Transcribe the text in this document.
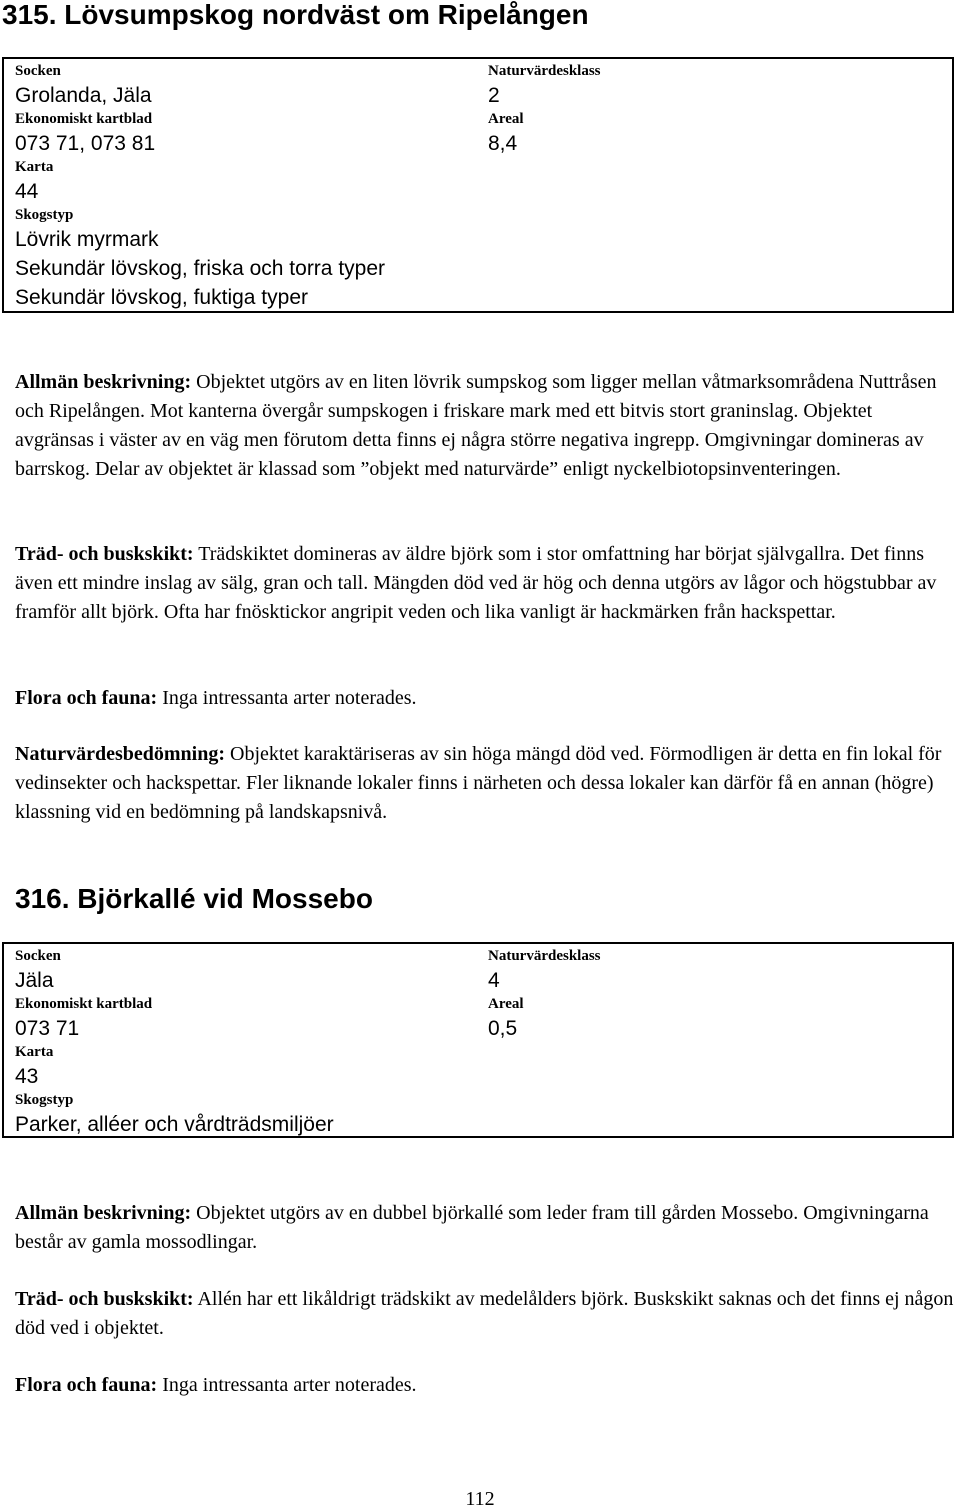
315. Lövsumpskog nordväst om Ripelången
Socken
Grolanda, Jäla
Ekonomiskt kartblad
073 71, 073 81
Karta
44
Skogstyp
Lövrik myrmark
Sekundär lövskog, friska och torra typer
Sekundär lövskog, fuktiga typer
Naturvärdesklass
2
Areal
8,4
Allmän beskrivning: Objektet utgörs av en liten lövrik sumpskog som ligger mellan våtmarksområdena Nuttråsen och Ripelången. Mot kanterna övergår sumpskogen i friskare mark med ett bitvis stort graninslag. Objektet avgränsas i väster av en väg men förutom detta finns ej några större negativa ingrepp. Omgivningar domineras av barrskog. Delar av objektet är klassad som ”objekt med naturvärde” enligt nyckelbiotopsinventeringen.
Träd- och buskskikt: Trädskiktet domineras av äldre björk som i stor omfattning har börjat självgallra. Det finns även ett mindre inslag av sälg, gran och tall. Mängden död ved är hög och denna utgörs av lågor och högstubbar av framför allt björk. Ofta har fnösktickor angripit veden och lika vanligt är hackmärken från hackspettar.
Flora och fauna: Inga intressanta arter noterades.
Naturvärdesbedömning: Objektet karaktäriseras av sin höga mängd död ved. Förmodligen är detta en fin lokal för vedinsekter och hackspettar. Fler liknande lokaler finns i närheten och dessa lokaler kan därför få en annan (högre) klassning vid en bedömning på landskapsnivå.
316. Björkallé vid Mossebo
Socken
Jäla
Ekonomiskt kartblad
073 71
Karta
43
Skogstyp
Parker, alléer och vårdträdsmiljöer
Naturvärdesklass
4
Areal
0,5
Allmän beskrivning: Objektet utgörs av en dubbel björkallé som leder fram till gården Mossebo. Omgivningarna består av gamla mossodlingar.
Träd- och buskskikt: Allén har ett likåldrigt trädskikt av medelålders björk. Buskskikt saknas och det finns ej någon död ved i objektet.
Flora och fauna: Inga intressanta arter noterades.
112
